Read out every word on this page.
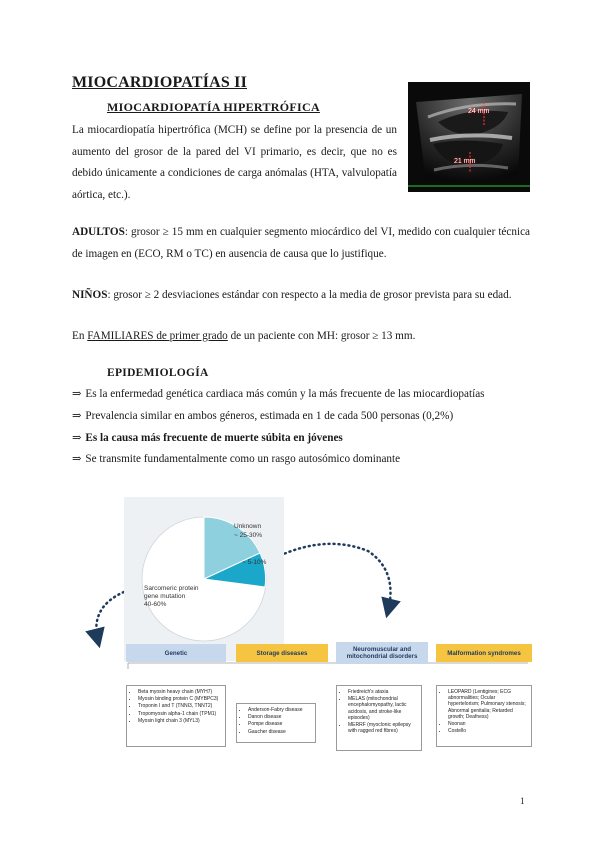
MIOCARDIOPATÍAS II
MIOCARDIOPATÍA HIPERTRÓFICA
La miocardiopatía hipertrófica (MCH) se define por la presencia de un aumento del grosor de la pared del VI primario, es decir, que no es debido únicamente a condiciones de carga anómalas (HTA, valvulopatía aórtica, etc.).
24 mm
21 mm
ADULTOS: grosor ≥ 15 mm en cualquier segmento miocárdico del VI, medido con cualquier técnica de imagen en (ECO, RM o TC) en ausencia de causa que lo justifique.
NIÑOS: grosor ≥ 2 desviaciones estándar con respecto a la media de grosor prevista para su edad.
En FAMILIARES de primer grado de un paciente con MH: grosor ≥ 13 mm.
EPIDEMIOLOGÍA
⇒ Es la enfermedad genética cardiaca más común y la más frecuente de las miocardiopatías
⇒ Prevalencia similar en ambos géneros, estimada en 1 de cada 500 personas (0,2%)
⇒ Es la causa más frecuente de muerte súbita en jóvenes
⇒ Se transmite fundamentalmente como un rasgo autosómico dominante
Unknown
~ 25-30%
~ 5-10%
Sarcomeric protein
gene mutation
40-60%
Genetic	Storage diseases	Neuromuscular and
mitochondrial disorders	Malformation syndromes
• Beta myosin heavy chain (MYH7)
• Myosin binding protein C (MYBPC3)
• Troponin I and T (TNNI3, TNNT2)
• Tropomyosin alpha-1 chain (TPM1)
• Myosin light chain 3 (MYL3)
• Anderson-Fabry disease
• Danon disease
• Pompe disease
• Gaucher disease
• Friedreich's ataxia
• MELAS (mitochondrial encephalomyopathy, lactic acidosis, and stroke-like episodes)
• MERRF (myoclonic epilepsy with ragged red fibres)
• LEOPARD (Lentigines; ECG abnormalities; Ocular hypertelorism; Pulmonary stenosis; Abnormal genitalia; Retarded growth; Deafness)
• Noonan
• Costello
1
